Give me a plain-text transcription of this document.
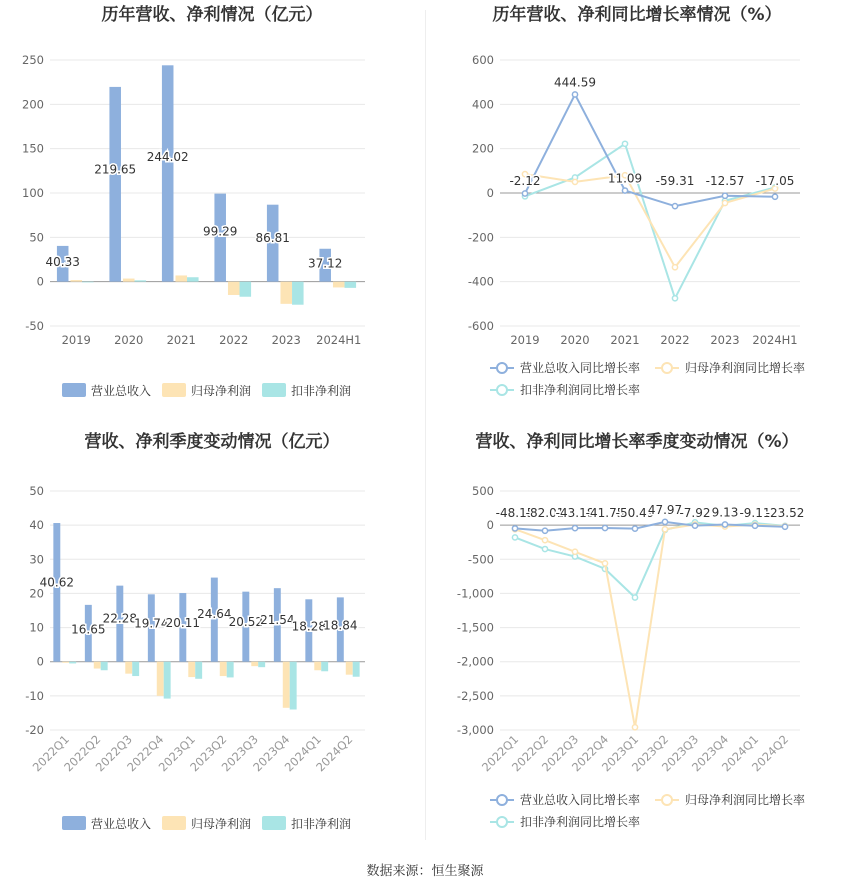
历年营收、净利情况（亿元）
-50
0
50
100
150
200
250
2019 2020 2021 2022 2023 2024H1
40.33
219.65
244.02
99.29 86.81
37.12
营业总收入	归母净利润	扣非净利润
历年营收、净利同比增长率情况（%）
-600
-400
-200
0
200
400
600
2019 2020 2021 2022 2023 2024H1
-2.12
444.59
11.09 -59.31 -12.57 -17.05
营业总收入同比增长率	归母净利润同比增长率
扣非净利润同比增长率
营收、净利季度变动情况（亿元）
-20
-10
0
10
20
30
40
50
2022Q1
2022Q2
2022Q3
2022Q4
2023Q1
2023Q2
2023Q3
2023Q4
2024Q1
2024Q2
40.62
16.65
22.28
19.74
20.11
24.64
20.52
21.54
18.28
18.84
营业总收入	归母净利润	扣非净利润
营收、净利同比增长率季度变动情况（%）
-3,000
-2,500
-2,000
-1,500
-1,000
-500
0
500
2022Q1
2022Q2
2022Q3
2022Q4
2023Q1
2023Q2
2023Q3
2023Q4
2024Q1
2024Q2
-48.15
-82.01
-43.18
-41.75
-50.49
47.97
-7.92 9.13 -9.11
-23.52
营业总收入同比增长率	归母净利润同比增长率
扣非净利润同比增长率
数据来源：恒生聚源
